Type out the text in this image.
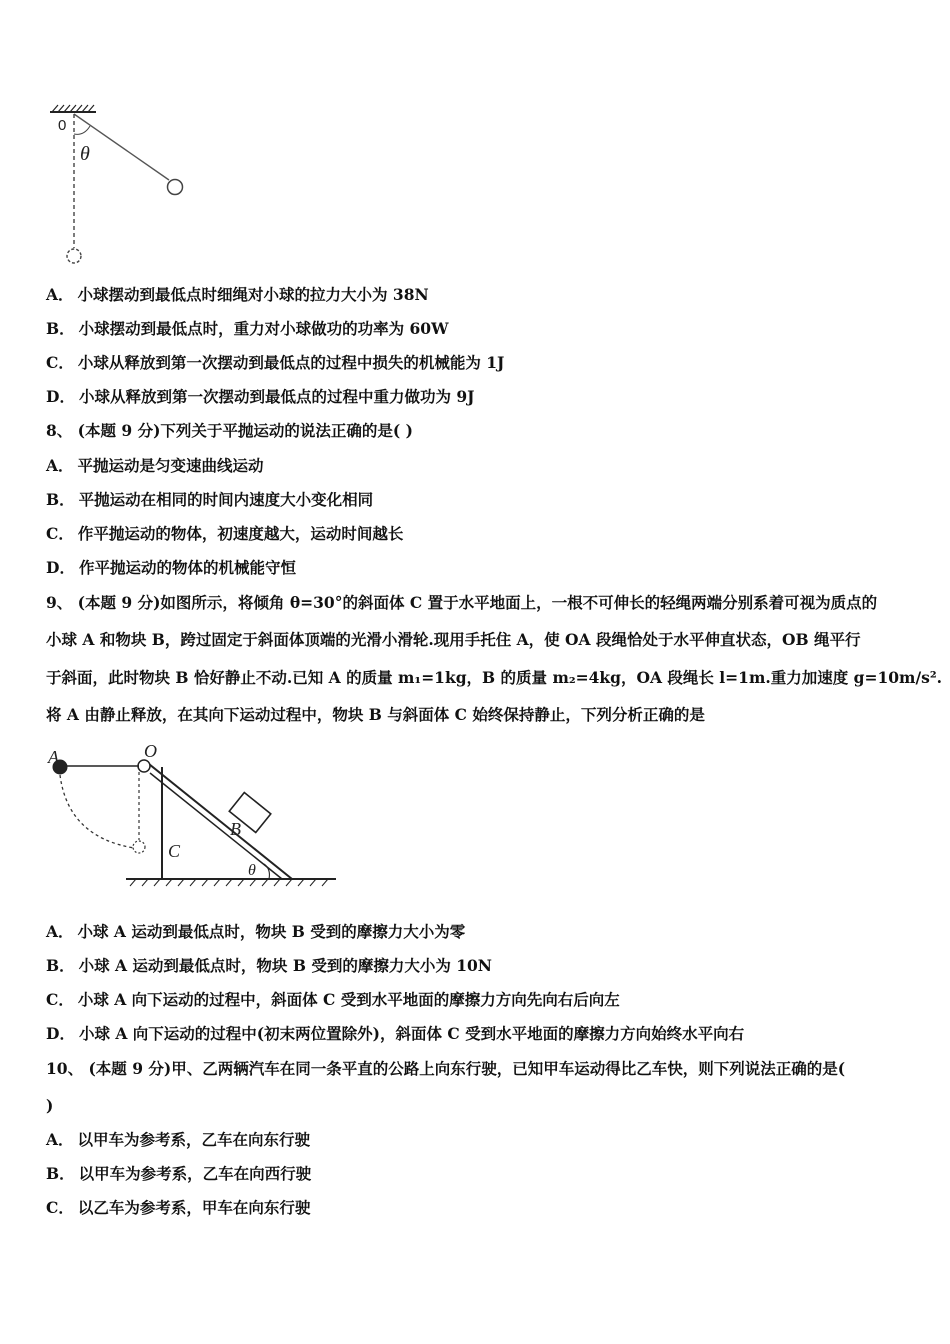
0
θ
A． 小球摆动到最低点时细绳对小球的拉力大小为 38N
B． 小球摆动到最低点时，重力对小球做功的功率为 60W
C． 小球从释放到第一次摆动到最低点的过程中损失的机械能为 1J
D． 小球从释放到第一次摆动到最低点的过程中重力做功为 9J
8、 (本题 9 分)下列关于平抛运动的说法正确的是( )
A． 平抛运动是匀变速曲线运动
B． 平抛运动在相同的时间内速度大小变化相同
C． 作平抛运动的物体，初速度越大，运动时间越长
D． 作平抛运动的物体的机械能守恒
9、 (本题 9 分)如图所示，将倾角 θ=30°的斜面体 C 置于水平地面上，一根不可伸长的轻绳两端分别系着可视为质点的
小球 A 和物块 B，跨过固定于斜面体顶端的光滑小滑轮.现用手托住 A，使 OA 段绳恰处于水平伸直状态，OB 绳平行
于斜面，此时物块 B 恰好静止不动.已知 A 的质量 m₁=1kg，B 的质量 m₂=4kg，OA 段绳长 l=1m.重力加速度 g=10m/s².
将 A 由静止释放，在其向下运动过程中，物块 B 与斜面体 C 始终保持静止，下列分析正确的是
A	O
B
C
θ
A． 小球 A 运动到最低点时，物块 B 受到的摩擦力大小为零
B． 小球 A 运动到最低点时，物块 B 受到的摩擦力大小为 10N
C． 小球 A 向下运动的过程中，斜面体 C 受到水平地面的摩擦力方向先向右后向左
D． 小球 A 向下运动的过程中(初末两位置除外)，斜面体 C 受到水平地面的摩擦力方向始终水平向右
10、 (本题 9 分)甲、乙两辆汽车在同一条平直的公路上向东行驶，已知甲车运动得比乙车快，则下列说法正确的是(
)
A． 以甲车为参考系，乙车在向东行驶
B． 以甲车为参考系，乙车在向西行驶
C． 以乙车为参考系，甲车在向东行驶
